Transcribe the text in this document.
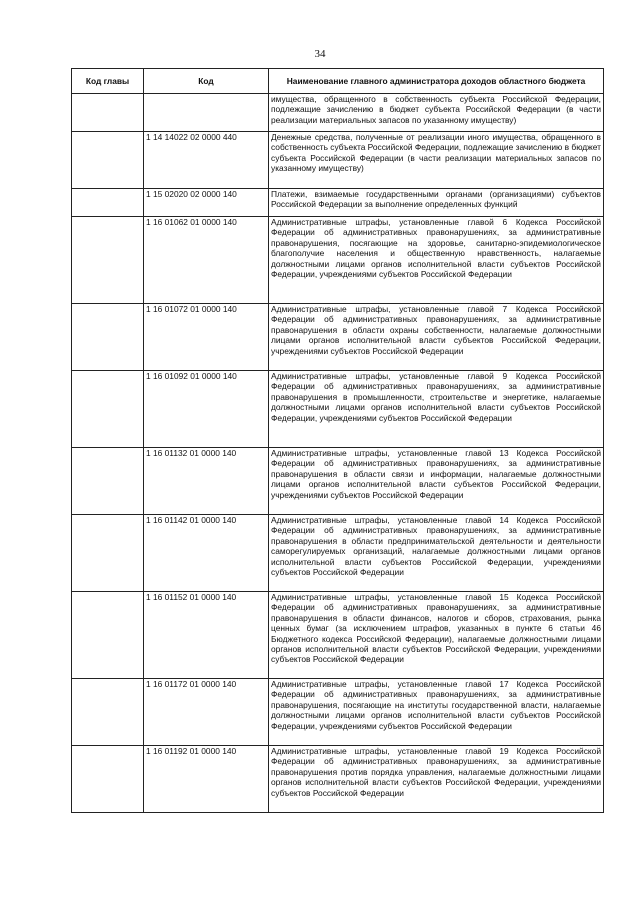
34
Код главы	Код	Наименование главного администратора доходов областного бюджета
		имущества, обращенного в собственность субъекта Российской Федерации, подлежащие зачислению в бюджет субъекта Российской Федерации (в части реализации материальных запасов по указанному имуществу)
	1 14 14022 02 0000 440	Денежные средства, полученные от реализации иного имущества, обращенного в собственность субъекта Российской Федерации, подлежащие зачислению в бюджет субъекта Российской Федерации (в части реализации материальных запасов по указанному имуществу)
	1 15 02020 02 0000 140	Платежи, взимаемые государственными органами (организациями) субъектов Российской Федерации за выполнение определенных функций
	1 16 01062 01 0000 140	Административные штрафы, установленные главой 6 Кодекса Российской Федерации об административных правонарушениях, за административные правонарушения, посягающие на здоровье, санитарно-эпидемиологическое благополучие населения и общественную нравственность, налагаемые должностными лицами органов исполнительной власти субъектов Российской Федерации, учреждениями субъектов Российской Федерации
	1 16 01072 01 0000 140	Административные штрафы, установленные главой 7 Кодекса Российской Федерации об административных правонарушениях, за административные правонарушения в области охраны собственности, налагаемые должностными лицами органов исполнительной власти субъектов Российской Федерации, учреждениями субъектов Российской Федерации
	1 16 01092 01 0000 140	Административные штрафы, установленные главой 9 Кодекса Российской Федерации об административных правонарушениях, за административные правонарушения в промышленности, строительстве и энергетике, налагаемые должностными лицами органов исполнительной власти субъектов Российской Федерации, учреждениями субъектов Российской Федерации
	1 16 01132 01 0000 140	Административные штрафы, установленные главой 13 Кодекса Российской Федерации об административных правонарушениях, за административные правонарушения в области связи и информации, налагаемые должностными лицами органов исполнительной власти субъектов Российской Федерации, учреждениями субъектов Российской Федерации
	1 16 01142 01 0000 140	Административные штрафы, установленные главой 14 Кодекса Российской Федерации об административных правонарушениях, за административные правонарушения в области предпринимательской деятельности и деятельности саморегулируемых организаций, налагаемые должностными лицами органов исполнительной власти субъектов Российской Федерации, учреждениями субъектов Российской Федерации
	1 16 01152 01 0000 140	Административные штрафы, установленные главой 15 Кодекса Российской Федерации об административных правонарушениях, за административные правонарушения в области финансов, налогов и сборов, страхования, рынка ценных бумаг (за исключением штрафов, указанных в пункте 6 статьи 46 Бюджетного кодекса Российской Федерации), налагаемые должностными лицами органов исполнительной власти субъектов Российской Федерации, учреждениями субъектов Российской Федерации
	1 16 01172 01 0000 140	Административные штрафы, установленные главой 17 Кодекса Российской Федерации об административных правонарушениях, за административные правонарушения, посягающие на институты государственной власти, налагаемые должностными лицами органов исполнительной власти субъектов Российской Федерации, учреждениями субъектов Российской Федерации
	1 16 01192 01 0000 140	Административные штрафы, установленные главой 19 Кодекса Российской Федерации об административных правонарушениях, за административные правонарушения против порядка управления, налагаемые должностными лицами органов исполнительной власти субъектов Российской Федерации, учреждениями субъектов Российской Федерации
